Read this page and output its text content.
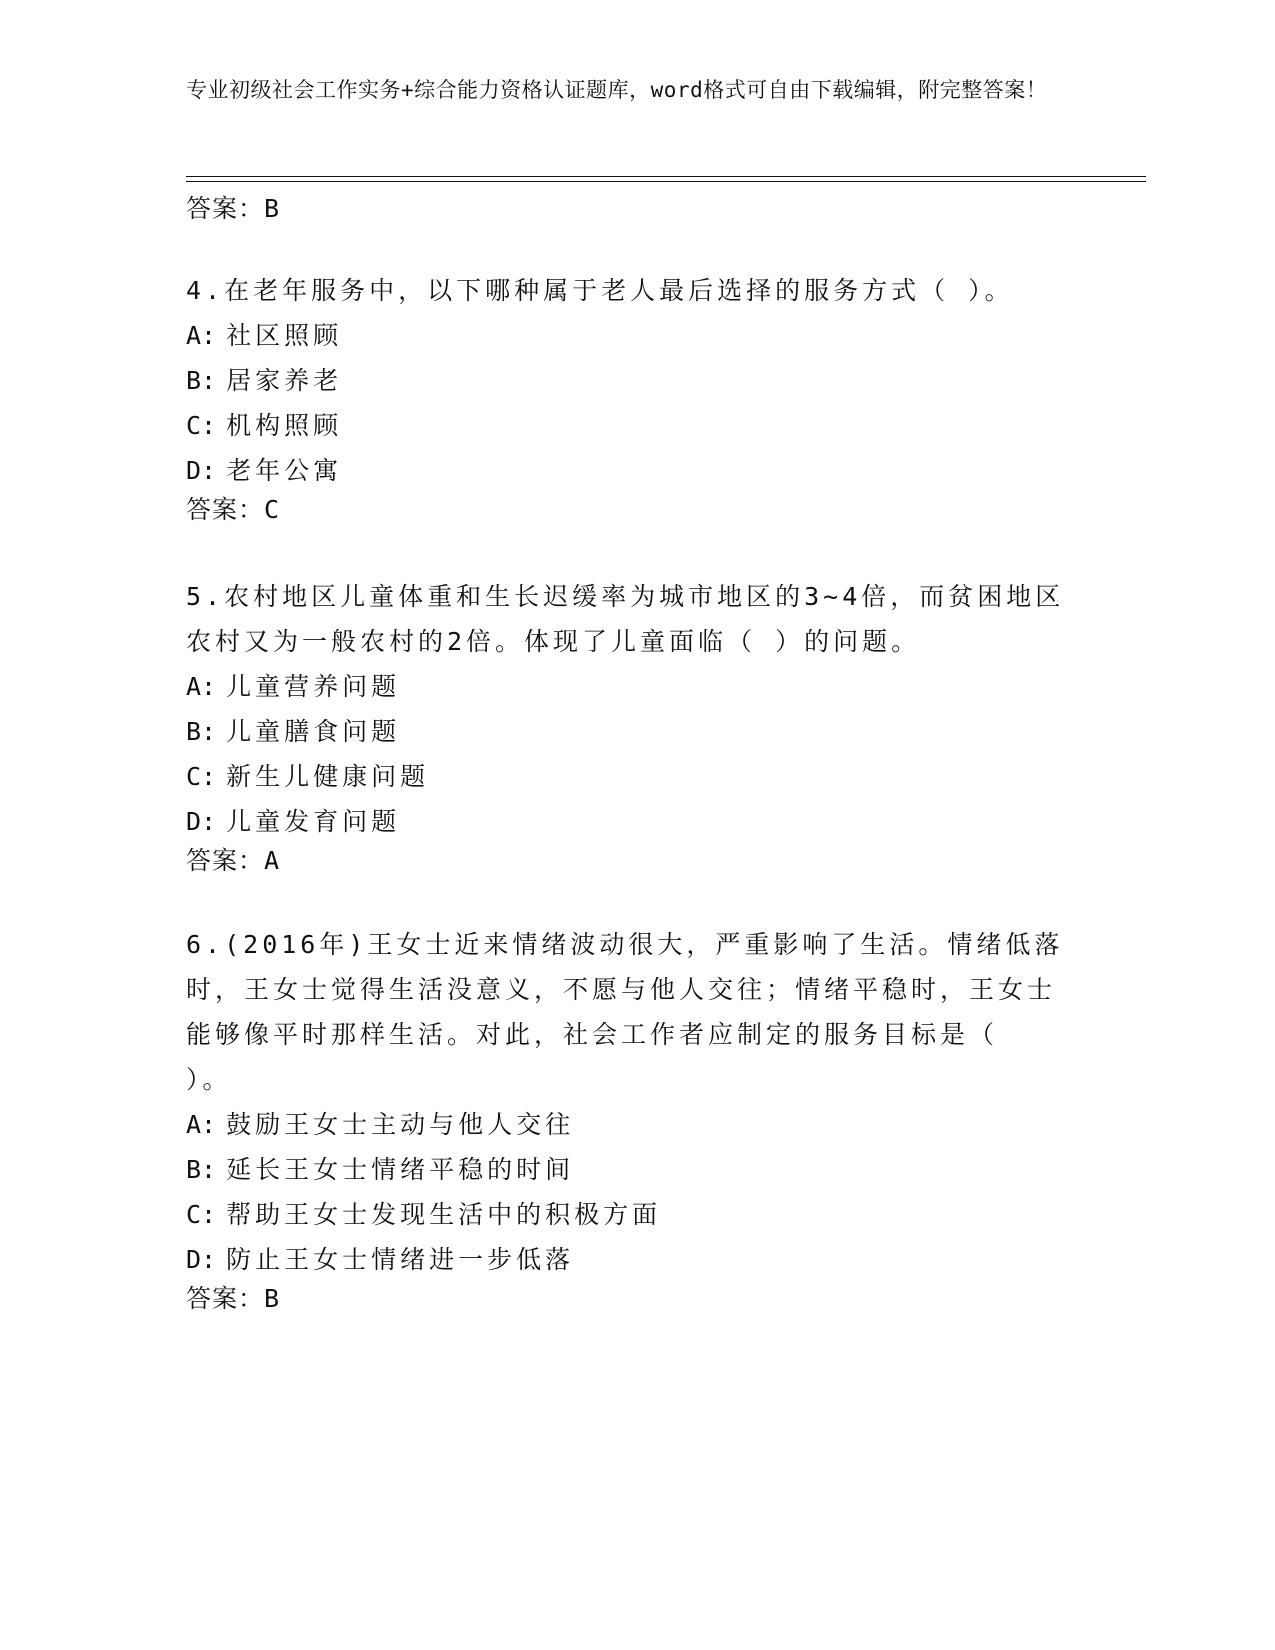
专业初级社会工作实务+综合能力资格认证题库，word格式可自由下载编辑，附完整答案！
答案：B
4.在老年服务中，以下哪种属于老人最后选择的服务方式（ ）。
A: 社区照顾
B: 居家养老
C: 机构照顾
D: 老年公寓
答案：C
5.农村地区儿童体重和生长迟缓率为城市地区的3~4倍，而贫困地区农村又为一般农村的2倍。体现了儿童面临（ ）的问题。
A: 儿童营养问题
B: 儿童膳食问题
C: 新生儿健康问题
D: 儿童发育问题
答案：A
6.(2016年)王女士近来情绪波动很大，严重影响了生活。情绪低落时，王女士觉得生活没意义，不愿与他人交往；情绪平稳时，王女士能够像平时那样生活。对此，社会工作者应制定的服务目标是（　　）。
A: 鼓励王女士主动与他人交往
B: 延长王女士情绪平稳的时间
C: 帮助王女士发现生活中的积极方面
D: 防止王女士情绪进一步低落
答案：B
